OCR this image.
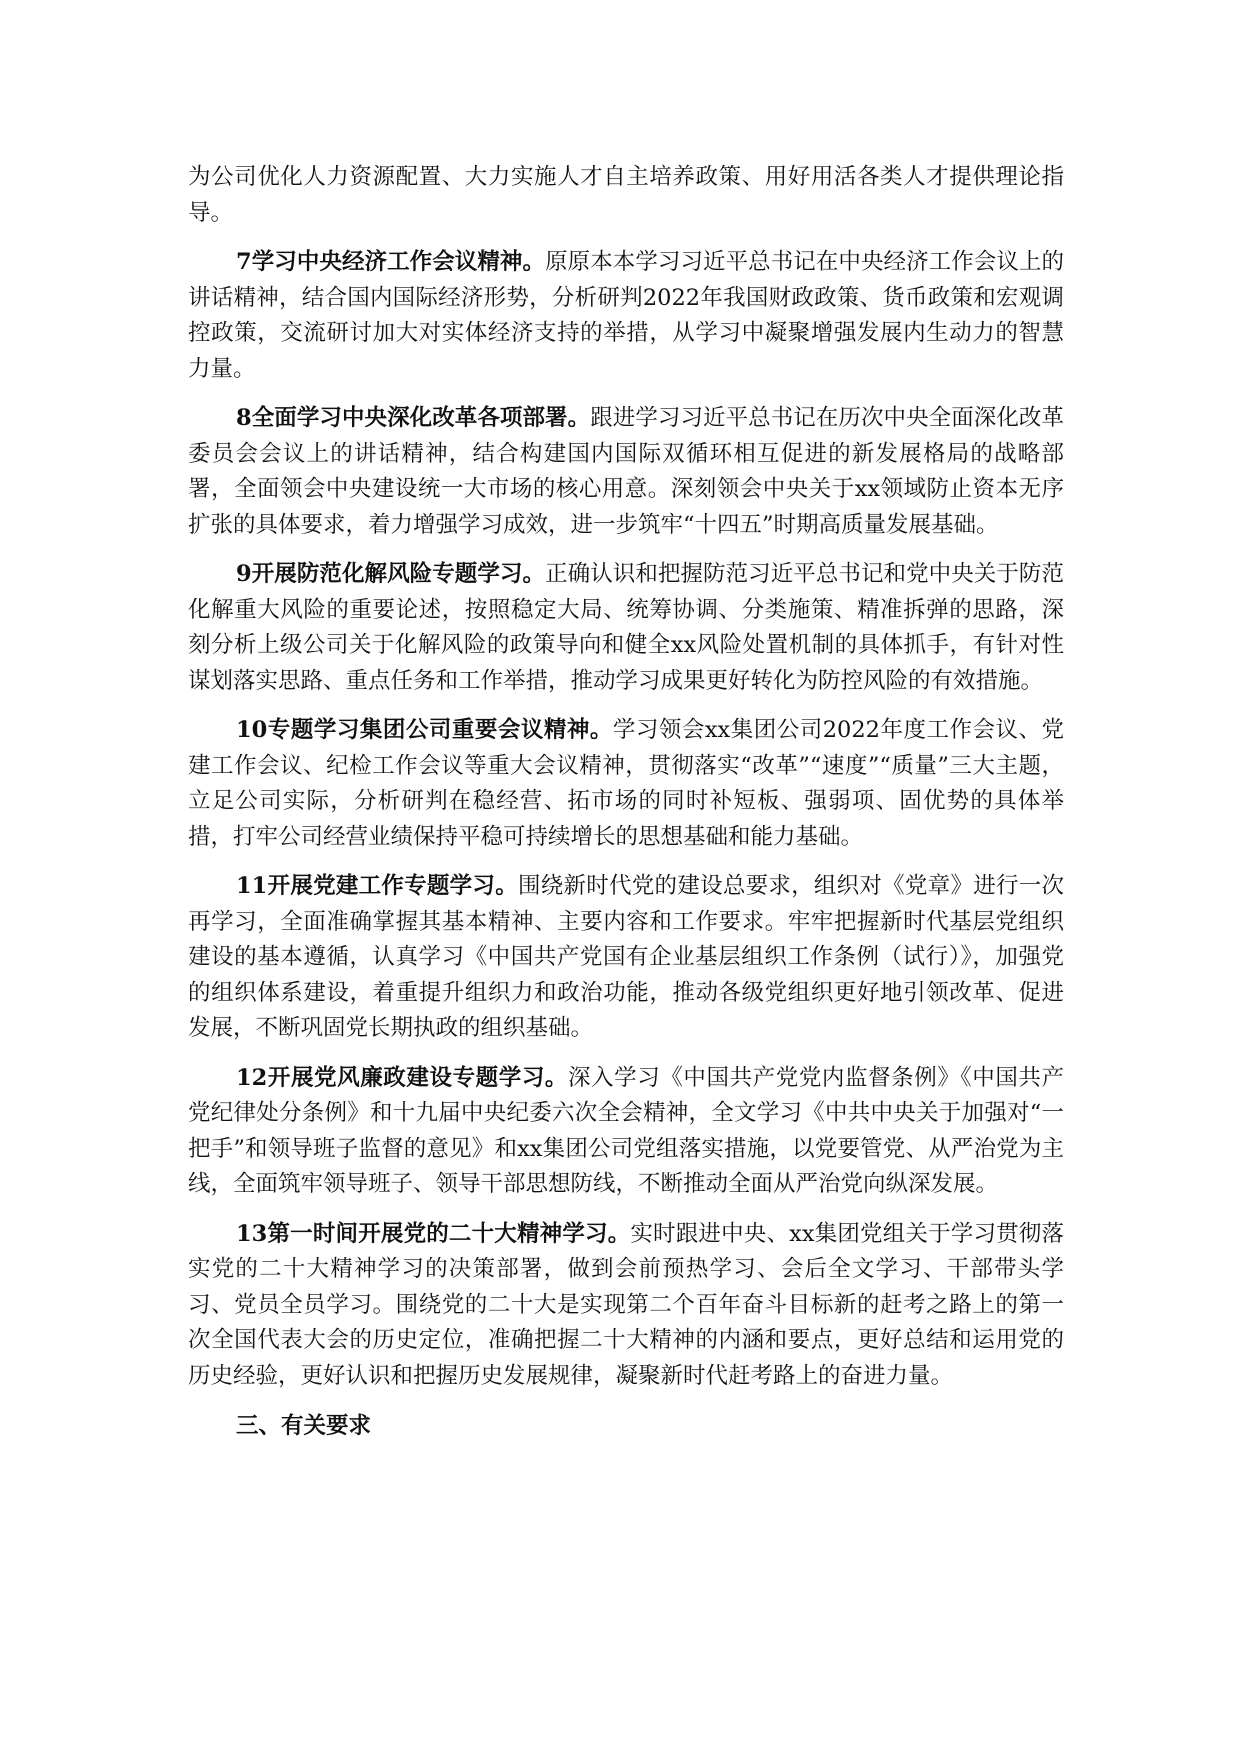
为公司优化人力资源配置、大力实施人才自主培养政策、用好用活各类人才提供理论指导。

7学习中央经济工作会议精神。原原本本学习习近平总书记在中央经济工作会议上的讲话精神，结合国内国际经济形势，分析研判2022年我国财政政策、货币政策和宏观调控政策，交流研讨加大对实体经济支持的举措，从学习中凝聚增强发展内生动力的智慧力量。

8全面学习中央深化改革各项部署。跟进学习习近平总书记在历次中央全面深化改革委员会会议上的讲话精神，结合构建国内国际双循环相互促进的新发展格局的战略部署，全面领会中央建设统一大市场的核心用意。深刻领会中央关于xx领域防止资本无序扩张的具体要求，着力增强学习成效，进一步筑牢“十四五”时期高质量发展基础。

9开展防范化解风险专题学习。正确认识和把握防范习近平总书记和党中央关于防范化解重大风险的重要论述，按照稳定大局、统筹协调、分类施策、精准拆弹的思路，深刻分析上级公司关于化解风险的政策导向和健全xx风险处置机制的具体抓手，有针对性谋划落实思路、重点任务和工作举措，推动学习成果更好转化为防控风险的有效措施。

10专题学习集团公司重要会议精神。学习领会xx集团公司2022年度工作会议、党建工作会议、纪检工作会议等重大会议精神，贯彻落实“改革”“速度”“质量”三大主题，立足公司实际，分析研判在稳经营、拓市场的同时补短板、强弱项、固优势的具体举措，打牢公司经营业绩保持平稳可持续增长的思想基础和能力基础。

11开展党建工作专题学习。围绕新时代党的建设总要求，组织对《党章》进行一次再学习，全面准确掌握其基本精神、主要内容和工作要求。牢牢把握新时代基层党组织建设的基本遵循，认真学习《中国共产党国有企业基层组织工作条例（试行）》，加强党的组织体系建设，着重提升组织力和政治功能，推动各级党组织更好地引领改革、促进发展，不断巩固党长期执政的组织基础。

12开展党风廉政建设专题学习。深入学习《中国共产党党内监督条例》《中国共产党纪律处分条例》和十九届中央纪委六次全会精神，全文学习《中共中央关于加强对“一把手”和领导班子监督的意见》和xx集团公司党组落实措施，以党要管党、从严治党为主线，全面筑牢领导班子、领导干部思想防线，不断推动全面从严治党向纵深发展。

13第一时间开展党的二十大精神学习。实时跟进中央、xx集团党组关于学习贯彻落实党的二十大精神学习的决策部署，做到会前预热学习、会后全文学习、干部带头学习、党员全员学习。围绕党的二十大是实现第二个百年奋斗目标新的赶考之路上的第一次全国代表大会的历史定位，准确把握二十大精神的内涵和要点，更好总结和运用党的历史经验，更好认识和把握历史发展规律，凝聚新时代赶考路上的奋进力量。

三、有关要求
